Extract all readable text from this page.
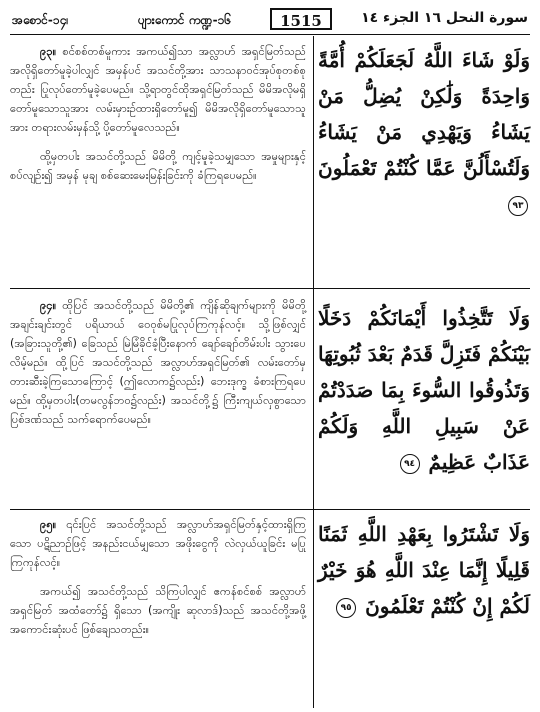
အစောင်-၁၄၊	ပျားကောင် ကဏ္ဍ-၁၆	1515	سورة النحل ١٦ الجزء ١٤

၉၃။ စင်စစ်တစ်မူကား အကယ်၍သာ အလ္လာဟ် အရှင်မြတ်သည် အလိုရှိတော်မူခဲ့ပါလျှင် အမှန်ပင် အသင်တို့အား သာသနာဝင်အုပ်စုတစ်စုတည်း ပြုလုပ်တော်မူခဲ့ပေမည်။ သို့ရာတွင်ထိုအရှင်မြတ်သည် မိမိအလိုမရှိတော်မူသောသူအား လမ်းမှားဥ်ထားရှိတော်မူ၍ မိမိအလိုရှိတော်မူသောသူအား တရားလမ်းမှန်သို့ ပို့တော်မူလေသည်။

ထို့မှတပါး အသင်တို့သည် မိမိတို့ ကျင့်မူခဲ့သမျှသော အမှုများနှင့် စပ်လျဉ်း၍ အမှန် မုချ စစ်ဆေးမေးမြန်းခြင်းကို ခံကြရပေမည်။

وَلَوْ شَاءَ اللَّهُ لَجَعَلَكُمْ أُمَّةً وَاحِدَةً وَلَٰكِنْ يُضِلُّ مَنْ يَشَاءُ وَيَهْدِي مَنْ يَشَاءُ وَلَتُسْأَلُنَّ عَمَّا كُنْتُمْ تَعْمَلُونَ ٩٣

၉၄။ ထိုပြင် အသင်တို့သည် မိမိတို့၏ ကျိန်ဆိုချက်များကို မိမိတို့အချင်းချင်းတွင် ပရိယာယ် ဝေဝုစ်မပြုလုပ်ကြကုန်လင့်။ သို့ဖြစ်လျှင် (အခြားသူတို့၏) ခြေသည် မြဲမြံခိုင်ခံ့ပြီးနောက် ချော်ချော်တိမ်းပါး သွားပေလိမ့်မည်။ ထို့ပြင် အသင်တို့သည် အလ္လာဟ်အရှင်မြတ်၏ လမ်းတော်မှ တားဆီးခဲ့ကြသောကြောင့် (ဤလောက၌လည်း) ဘေးဒုက္ခ ခံစားကြရပေမည်။ ထို့မှတပါး(တမလွန်ဘဝ၌လည်း) အသင်တို့၌ ကြီးကျယ်လှစွာသောပြစ်ဒဏ်သည် သက်ရောက်ပေမည်။

وَلَا تَتَّخِذُوا أَيْمَانَكُمْ دَخَلًا بَيْنَكُمْ فَتَزِلَّ قَدَمٌ بَعْدَ ثُبُوتِهَا وَتَذُوقُوا السُّوءَ بِمَا صَدَدْتُمْ عَنْ سَبِيلِ اللَّهِ وَلَكُمْ عَذَابٌ عَظِيمٌ ٩٤

၉၅။ ၎င်းပြင် အသင်တို့သည် အလ္လာဟ်အရှင်မြတ်နှင့်ထားရှိကြသော ပဋိညာဉ်ဖြင့် အနည်းငယ်မျှသော အဖိုးငွေကို လဲလှယ်ယူခြင်း မပြုကြကုန်လင့်။

အကယ်၍ အသင်တို့သည် သိကြပါလျှင် ဧကန်စင်စစ် အလ္လာဟ်အရှင်မြတ် အထံတော်၌ ရှိသော (အကျိုး ဆုလာဒ်)သည် အသင်တို့အဖို့ အကောင်းဆုံးပင် ဖြစ်ချေသတည်း။

وَلَا تَشْتَرُوا بِعَهْدِ اللَّهِ ثَمَنًا قَلِيلًا إِنَّمَا عِنْدَ اللَّهِ هُوَ خَيْرٌ لَكُمْ إِنْ كُنْتُمْ تَعْلَمُونَ ٩٥
